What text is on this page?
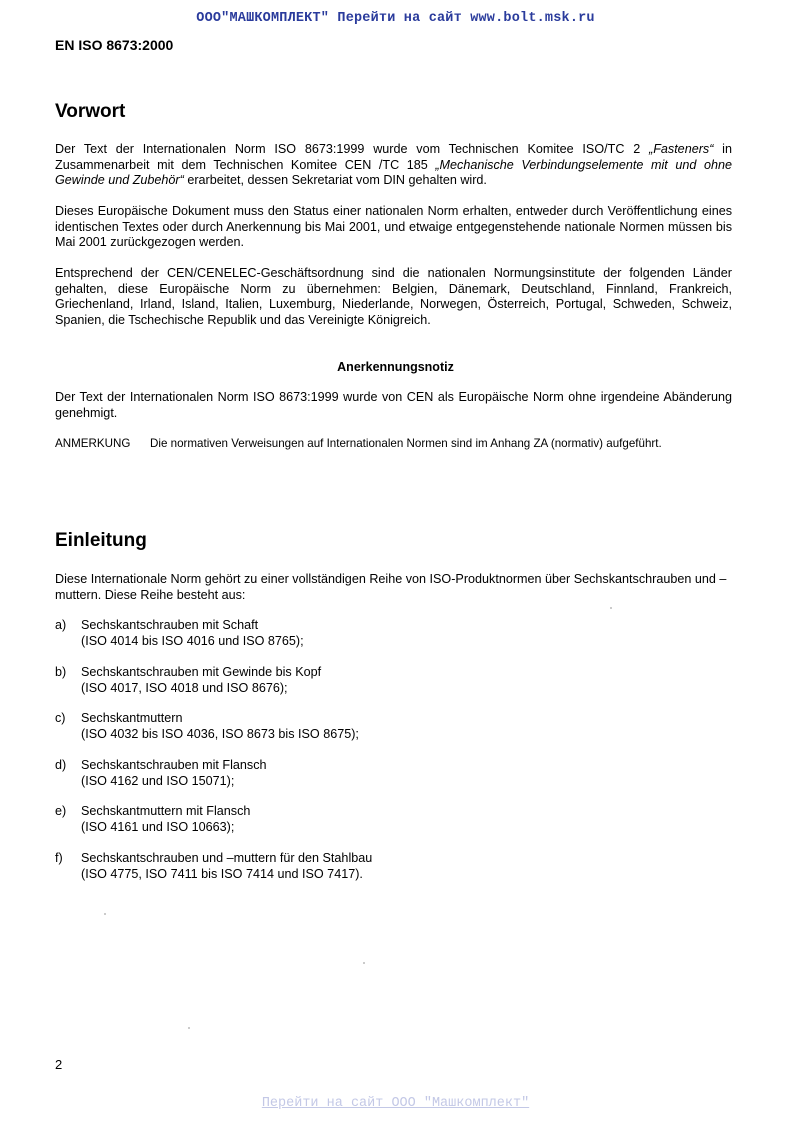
ООО"МАШКОМПЛЕКТ" Перейти на сайт www.bolt.msk.ru
EN ISO 8673:2000
Vorwort

Der Text der Internationalen Norm ISO 8673:1999 wurde vom Technischen Komitee ISO/TC 2 „Fasteners“ in Zusammenarbeit mit dem Technischen Komitee CEN /TC 185 „Mechanische Verbindungselemente mit und ohne Gewinde und Zubehör“ erarbeitet, dessen Sekretariat vom DIN gehalten wird.

Dieses Europäische Dokument muss den Status einer nationalen Norm erhalten, entweder durch Veröffentlichung eines identischen Textes oder durch Anerkennung bis Mai 2001, und etwaige entgegenstehende nationale Normen müssen bis Mai 2001 zurückgezogen werden.

Entsprechend der CEN/CENELEC-Geschäftsordnung sind die nationalen Normungsinstitute der folgenden Länder gehalten, diese Europäische Norm zu übernehmen: Belgien, Dänemark, Deutschland, Finnland, Frankreich, Griechenland, Irland, Island, Italien, Luxemburg, Niederlande, Norwegen, Österreich, Portugal, Schweden, Schweiz, Spanien, die Tschechische Republik und das Vereinigte Königreich.

Anerkennungsnotiz

Der Text der Internationalen Norm ISO 8673:1999 wurde von CEN als Europäische Norm ohne irgendeine Abänderung genehmigt.

ANMERKUNG Die normativen Verweisungen auf Internationalen Normen sind im Anhang ZA (normativ) aufgeführt.
Einleitung

Diese Internationale Norm gehört zu einer vollständigen Reihe von ISO-Produktnormen über Sechskantschrauben und –muttern. Diese Reihe besteht aus:

a) Sechskantschrauben mit Schaft
(ISO 4014 bis ISO 4016 und ISO 8765);
b) Sechskantschrauben mit Gewinde bis Kopf
(ISO 4017, ISO 4018 und ISO 8676);
c) Sechskantmuttern
(ISO 4032 bis ISO 4036, ISO 8673 bis ISO 8675);
d) Sechskantschrauben mit Flansch
(ISO 4162 und ISO 15071);
e) Sechskantmuttern mit Flansch
(ISO 4161 und ISO 10663);
f) Sechskantschrauben und –muttern für den Stahlbau
(ISO 4775, ISO 7411 bis ISO 7414 und ISO 7417).
2
Перейти на сайт ООО "Машкомплект"
